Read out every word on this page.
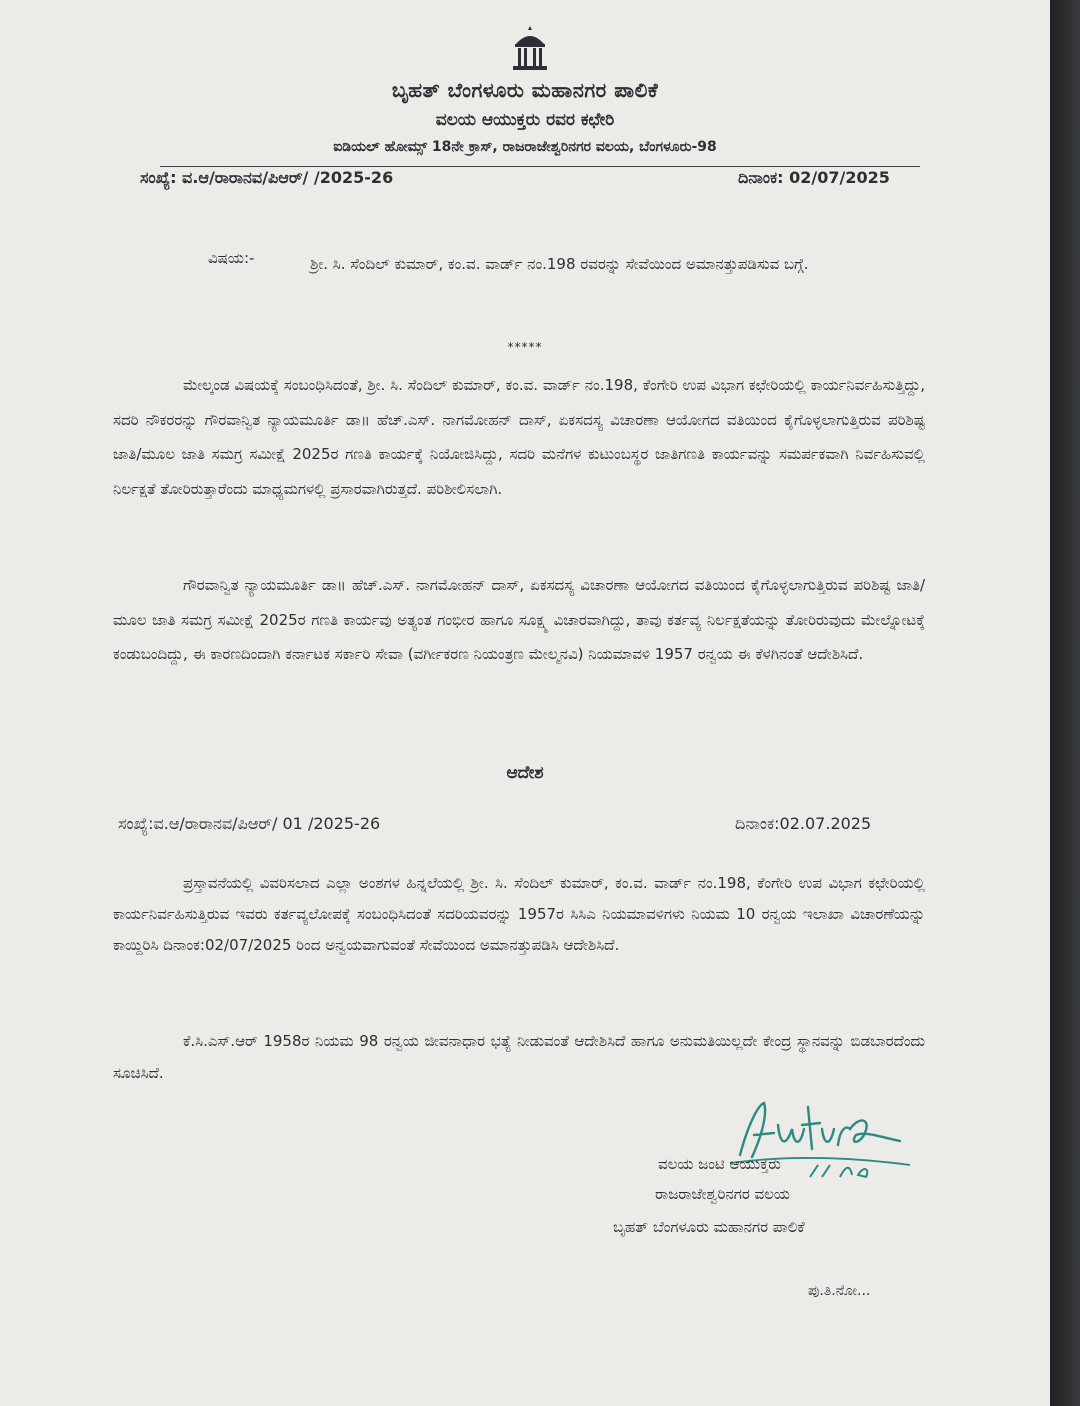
ಬೃಹತ್ ಬೆಂಗಳೂರು ಮಹಾನಗರ ಪಾಲಿಕೆ
ವಲಯ ಆಯುಕ್ತರು ರವರ ಕಛೇರಿ
ಐಡಿಯಲ್ ಹೋಮ್ಸ್ 18ನೇ ಕ್ರಾಸ್, ರಾಜರಾಜೇಶ್ವರಿನಗರ ವಲಯ, ಬೆಂಗಳೂರು-98
ಸಂಖ್ಯೆ: ವ.ಆ/ರಾರಾನವ/ಪಿಆರ್/ /2025-26	ದಿನಾಂಕ: 02/07/2025
ವಿಷಯ:-	ಶ್ರೀ. ಸಿ. ಸೆಂದಿಲ್ ಕುಮಾರ್, ಕಂ.ವ. ವಾರ್ಡ್ ನಂ.198 ರವರನ್ನು ಸೇವೆಯಿಂದ ಅಮಾನತ್ತುಪಡಿಸುವ ಬಗ್ಗೆ.
*****
ಮೇಲ್ಕಂಡ ವಿಷಯಕ್ಕೆ ಸಂಬಂಧಿಸಿದಂತೆ, ಶ್ರೀ. ಸಿ. ಸೆಂದಿಲ್ ಕುಮಾರ್, ಕಂ.ವ. ವಾರ್ಡ್ ನಂ.198, ಕೆಂಗೇರಿ ಉಪ ವಿಭಾಗ ಕಛೇರಿಯಲ್ಲಿ ಕಾರ್ಯನಿರ್ವಹಿಸುತ್ತಿದ್ದು, ಸದರಿ ನೌಕರರನ್ನು ಗೌರವಾನ್ವಿತ ನ್ಯಾಯಮೂರ್ತಿ ಡಾ॥ ಹೆಚ್.ಎಸ್. ನಾಗಮೋಹನ್ ದಾಸ್, ಏಕಸದಸ್ಯ ವಿಚಾರಣಾ ಆಯೋಗದ ವತಿಯಿಂದ ಕೈಗೊಳ್ಳಲಾಗುತ್ತಿರುವ ಪರಿಶಿಷ್ಟ ಜಾತಿ/ಮೂಲ ಜಾತಿ ಸಮಗ್ರ ಸಮೀಕ್ಷೆ 2025ರ ಗಣತಿ ಕಾರ್ಯಕ್ಕೆ ನಿಯೋಜಿಸಿದ್ದು, ಸದರಿ ಮನೆಗಳ ಕುಟುಂಬಸ್ಥರ ಜಾತಿಗಣತಿ ಕಾರ್ಯವನ್ನು ಸಮರ್ಪಕವಾಗಿ ನಿರ್ವಹಿಸುವಲ್ಲಿ ನಿರ್ಲಕ್ಷತೆ ತೋರಿರುತ್ತಾರೆಂದು ಮಾಧ್ಯಮಗಳಲ್ಲಿ ಪ್ರಸಾರವಾಗಿರುತ್ತದೆ. ಪರಿಶೀಲಿಸಲಾಗಿ.
ಗೌರವಾನ್ವಿತ ನ್ಯಾಯಮೂರ್ತಿ ಡಾ॥ ಹೆಚ್.ಎಸ್. ನಾಗಮೋಹನ್ ದಾಸ್, ಏಕಸದಸ್ಯ ವಿಚಾರಣಾ ಆಯೋಗದ ವತಿಯಿಂದ ಕೈಗೊಳ್ಳಲಾಗುತ್ತಿರುವ ಪರಿಶಿಷ್ಟ ಜಾತಿ/ಮೂಲ ಜಾತಿ ಸಮಗ್ರ ಸಮೀಕ್ಷೆ 2025ರ ಗಣತಿ ಕಾರ್ಯವು ಅತ್ಯಂತ ಗಂಭೀರ ಹಾಗೂ ಸೂಕ್ಷ್ಮ ವಿಚಾರವಾಗಿದ್ದು, ತಾವು ಕರ್ತವ್ಯ ನಿರ್ಲಕ್ಷತೆಯನ್ನು ತೋರಿರುವುದು ಮೇಲ್ನೋಟಕ್ಕೆ ಕಂಡುಬಂದಿದ್ದು, ಈ ಕಾರಣದಿಂದಾಗಿ ಕರ್ನಾಟಕ ಸರ್ಕಾರಿ ಸೇವಾ (ವರ್ಗೀಕರಣ ನಿಯಂತ್ರಣ ಮೇಲ್ಮನವಿ) ನಿಯಮಾವಳಿ 1957 ರನ್ವಯ ಈ ಕೆಳಗಿನಂತೆ ಆದೇಶಿಸಿದೆ.
ಆದೇಶ
ಸಂಖ್ಯೆ:ವ.ಆ/ರಾರಾನವ/ಪಿಆರ್/ 01 /2025-26	ದಿನಾಂಕ:02.07.2025
ಪ್ರಸ್ತಾವನೆಯಲ್ಲಿ ವಿವರಿಸಲಾದ ಎಲ್ಲಾ ಅಂಶಗಳ ಹಿನ್ನಲೆಯಲ್ಲಿ ಶ್ರೀ. ಸಿ. ಸೆಂದಿಲ್ ಕುಮಾರ್, ಕಂ.ವ. ವಾರ್ಡ್ ನಂ.198, ಕೆಂಗೇರಿ ಉಪ ವಿಭಾಗ ಕಛೇರಿಯಲ್ಲಿ ಕಾರ್ಯನಿರ್ವಹಿಸುತ್ತಿರುವ ಇವರು ಕರ್ತವ್ಯಲೋಪಕ್ಕೆ ಸಂಬಂಧಿಸಿದಂತೆ ಸದರಿಯವರನ್ನು 1957ರ ಸಿಸಿಎ ನಿಯಮಾವಳಿಗಳು ನಿಯಮ 10 ರನ್ವಯ ಇಲಾಖಾ ವಿಚಾರಣೆಯನ್ನು ಕಾಯ್ದಿರಿಸಿ ದಿನಾಂಕ:02/07/2025 ರಿಂದ ಅನ್ವಯವಾಗುವಂತೆ ಸೇವೆಯಿಂದ ಅಮಾನತ್ತುಪಡಿಸಿ ಆದೇಶಿಸಿದೆ.
ಕೆ.ಸಿ.ಎಸ್.ಆರ್ 1958ರ ನಿಯಮ 98 ರನ್ವಯ ಜೀವನಾಧಾರ ಭತ್ಯೆ ನೀಡುವಂತೆ ಆದೇಶಿಸಿದೆ ಹಾಗೂ ಅನುಮತಿಯಿಲ್ಲದೇ ಕೇಂದ್ರ ಸ್ಥಾನವನ್ನು ಬಿಡಬಾರದೆಂದು ಸೂಚಿಸಿದೆ.
ವಲಯ ಜಂಟಿ ಆಯುಕ್ತರು
ರಾಜರಾಜೇಶ್ವರಿನಗರ ವಲಯ
ಬೃಹತ್ ಬೆಂಗಳೂರು ಮಹಾನಗರ ಪಾಲಿಕೆ
ಪು.ತಿ.ನೋ...
